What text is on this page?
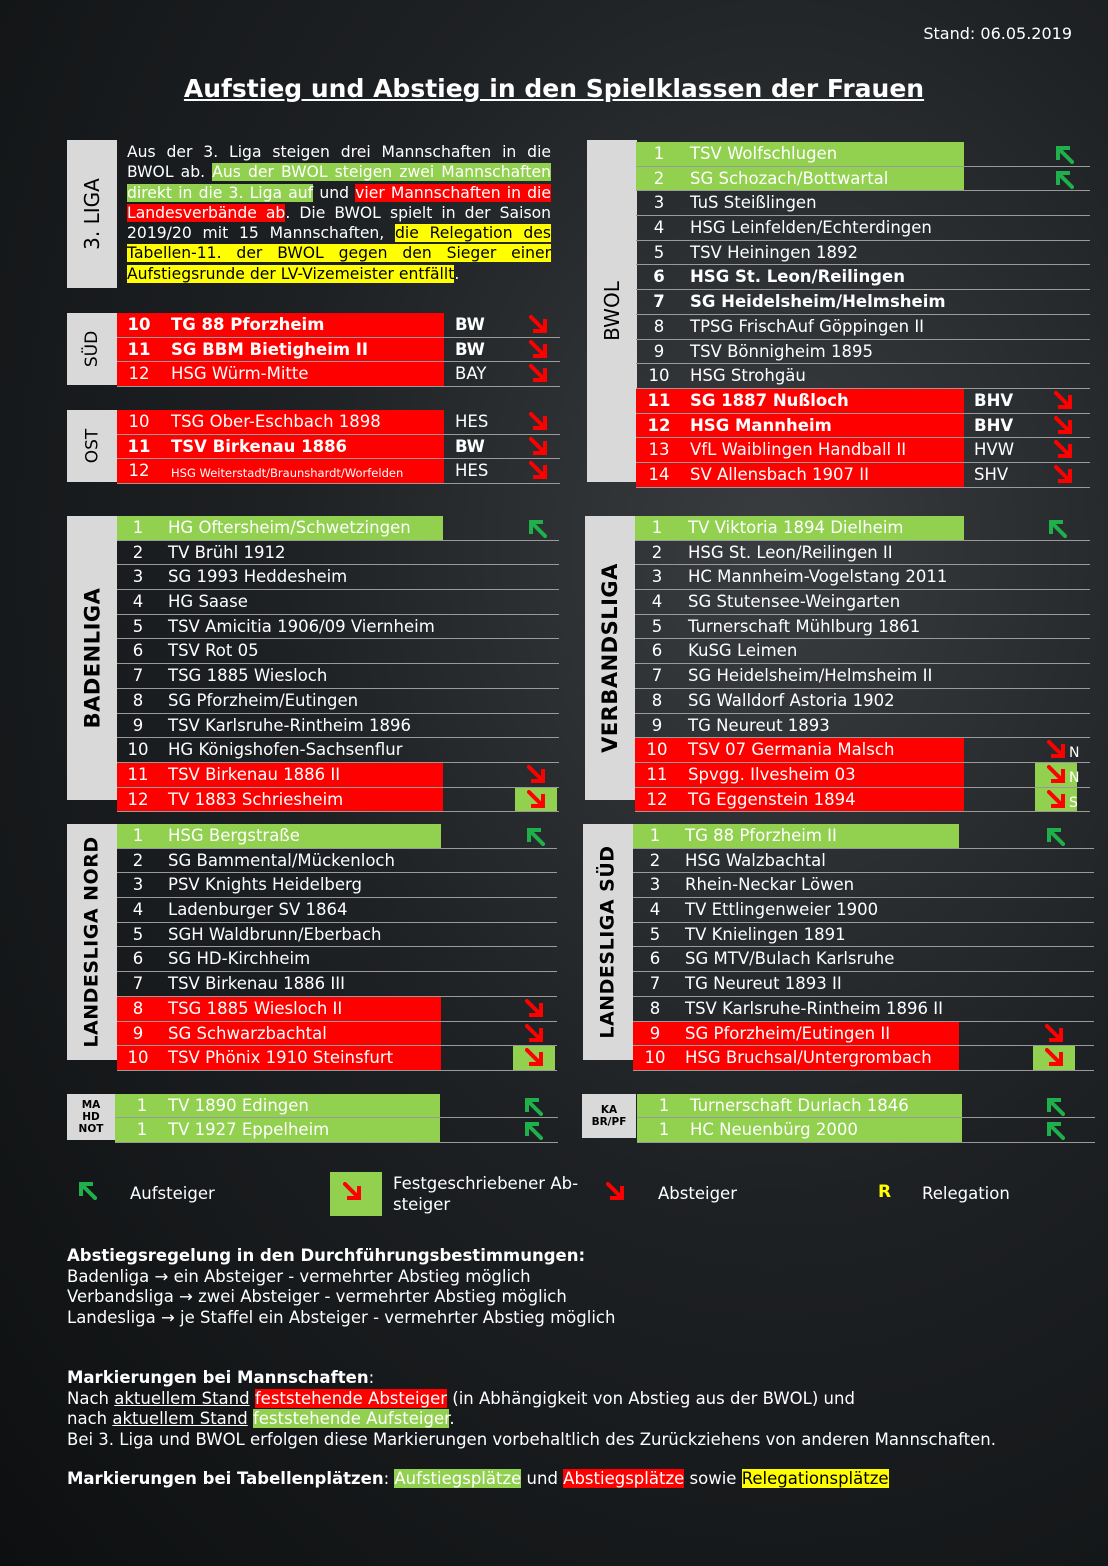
Stand: 06.05.2019
Aufstieg und Abstieg in den Spielklassen der Frauen
3. LIGA
Aus der 3. Liga steigen drei Mannschaften in die BWOL ab. Aus der BWOL steigen zwei Mannschaften direkt in die 3. Liga auf und vier Mannschaften in die Landesverbände ab. Die BWOL spielt in der Saison 2019/20 mit 15 Mannschaften, die Relegation des Tabellen-11. der BWOL gegen den Sieger einer Aufstiegsrunde der LV-Vizemeister entfällt.
SÜD
OST
BWOL
BADENLIGA	VERBANDSLIGA
LANDESLIGA NORD	LANDESLIGA SÜD
MA
HD
NOT
KA
BR/PF
10	TG 88 Pforzheim	BW
11	SG BBM Bietigheim II	BW
12	HSG Würm-Mitte	BAY
10	TSG Ober-Eschbach 1898	HES
11	TSV Birkenau 1886	BW
12	HSG Weiterstadt/Braunshardt/Worfelden	HES
1	TSV Wolfschlugen
2	SG Schozach/Bottwartal
3	TuS Steißlingen
4	HSG Leinfelden/Echterdingen
5	TSV Heiningen 1892
6	HSG St. Leon/Reilingen
7	SG Heidelsheim/Helmsheim
8	TPSG FrischAuf Göppingen II
9	TSV Bönnigheim 1895
10	HSG Strohgäu
11	SG 1887 Nußloch	BHV
12	HSG Mannheim	BHV
13	VfL Waiblingen Handball II	HVW
14	SV Allensbach 1907 II	SHV
1	HG Oftersheim/Schwetzingen
2	TV Brühl 1912
3	SG 1993 Heddesheim
4	HG Saase
5	TSV Amicitia 1906/09 Viernheim
6	TSV Rot 05
7	TSG 1885 Wiesloch
8	SG Pforzheim/Eutingen
9	TSV Karlsruhe-Rintheim 1896
10	HG Königshofen-Sachsenflur
11	TSV Birkenau 1886 II
12	TV 1883 Schriesheim
1	TV Viktoria 1894 Dielheim
2	HSG St. Leon/Reilingen II
3	HC Mannheim-Vogelstang 2011
4	SG Stutensee-Weingarten
5	Turnerschaft Mühlburg 1861
6	KuSG Leimen
7	SG Heidelsheim/Helmsheim II
8	SG Walldorf Astoria 1902
9	TG Neureut 1893
10	TSV 07 Germania Malsch	N
11	Spvgg. Ilvesheim 03	N
12	TG Eggenstein 1894	S
1	HSG Bergstraße
2	SG Bammental/Mückenloch
3	PSV Knights Heidelberg
4	Ladenburger SV 1864
5	SGH Waldbrunn/Eberbach
6	SG HD-Kirchheim
7	TSV Birkenau 1886 III
8	TSG 1885 Wiesloch II
9	SG Schwarzbachtal
10	TSV Phönix 1910 Steinsfurt
1	TG 88 Pforzheim II
2	HSG Walzbachtal
3	Rhein-Neckar Löwen
4	TV Ettlingenweier 1900
5	TV Knielingen 1891
6	SG MTV/Bulach Karlsruhe
7	TG Neureut 1893 II
8	TSV Karlsruhe-Rintheim 1896 II
9	SG Pforzheim/Eutingen II
10	HSG Bruchsal/Untergrombach
1	TV 1890 Edingen
1	TV 1927 Eppelheim
1	Turnerschaft Durlach 1846
1	HC Neuenbürg 2000
Aufsteiger
Festgeschriebener Ab-
steiger
Absteiger	R Relegation
Abstiegsregelung in den Durchführungsbestimmungen:
Badenliga → ein Absteiger - vermehrter Abstieg möglich
Verbandsliga → zwei Absteiger - vermehrter Abstieg möglich
Landesliga → je Staffel ein Absteiger - vermehrter Abstieg möglich
Markierungen bei Mannschaften:
Nach aktuellem Stand feststehende Absteiger (in Abhängigkeit von Abstieg aus der BWOL) und
nach aktuellem Stand feststehende Aufsteiger.
Bei 3. Liga und BWOL erfolgen diese Markierungen vorbehaltlich des Zurückziehens von anderen Mannschaften.
Markierungen bei Tabellenplätzen: Aufstiegsplätze und Abstiegsplätze sowie Relegationsplätze
